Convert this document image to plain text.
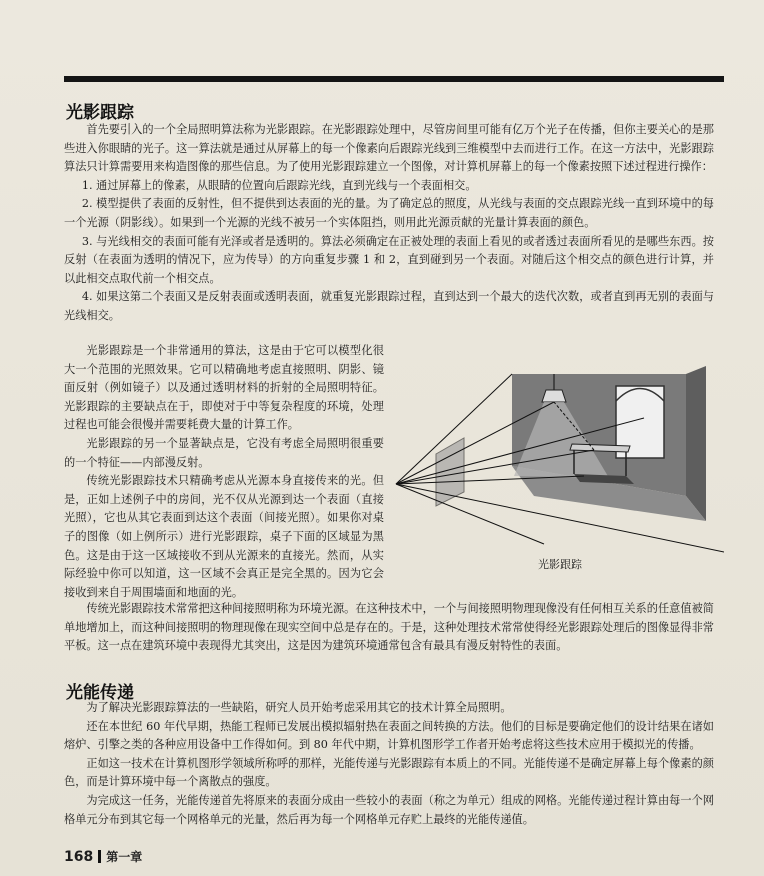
光影跟踪

首先要引入的一个全局照明算法称为光影跟踪。在光影跟踪处理中，尽管房间里可能有亿万个光子在传播，但你主要关心的是那些进入你眼睛的光子。这一算法就是通过从屏幕上的每一个像素向后跟踪光线到三维模型中去而进行工作。在这一方法中，光影跟踪算法只计算需要用来构造图像的那些信息。为了使用光影跟踪建立一个图像，对计算机屏幕上的每一个像素按照下述过程进行操作：

1. 通过屏幕上的像素，从眼睛的位置向后跟踪光线，直到光线与一个表面相交。

2. 模型提供了表面的反射性，但不提供到达表面的光的量。为了确定总的照度，从光线与表面的交点跟踪光线一直到环境中的每一个光源（阴影线）。如果到一个光源的光线不被另一个实体阻挡，则用此光源贡献的光量计算表面的颜色。

3. 与光线相交的表面可能有光泽或者是透明的。算法必须确定在正被处理的表面上看见的或者透过表面所看见的是哪些东西。按反射（在表面为透明的情况下，应为传导）的方向重复步骤 1 和 2，直到碰到另一个表面。对随后这个相交点的颜色进行计算，并以此相交点取代前一个相交点。

4. 如果这第二个表面又是反射表面或透明表面，就重复光影跟踪过程，直到达到一个最大的迭代次数，或者直到再无别的表面与光线相交。

光影跟踪是一个非常通用的算法，这是由于它可以模型化很大一个范围的光照效果。它可以精确地考虑直接照明、阴影、镜面反射（例如镜子）以及通过透明材料的折射的全局照明特征。光影跟踪的主要缺点在于，即使对于中等复杂程度的环境，处理过程也可能会很慢并需要耗费大量的计算工作。

光影跟踪的另一个显著缺点是，它没有考虑全局照明很重要的一个特征——内部漫反射。

传统光影跟踪技术只精确考虑从光源本身直接传来的光。但是，正如上述例子中的房间，光不仅从光源到达一个表面（直接光照），它也从其它表面到达这个表面（间接光照）。如果你对桌子的图像（如上例所示）进行光影跟踪，桌子下面的区域显为黑色。这是由于这一区域接收不到从光源来的直接光。然而，从实际经验中你可以知道，这一区域不会真正是完全黑的。因为它会接收到来自于周围墙面和地面的光。

光影跟踪

传统光影跟踪技术常常把这种间接照明称为环境光源。在这种技术中，一个与间接照明物理现像没有任何相互关系的任意值被简单地增加上，而这种间接照明的物理现像在现实空间中总是存在的。于是，这种处理技术常常使得经光影跟踪处理后的图像显得非常平板。这一点在建筑环境中表现得尤其突出，这是因为建筑环境通常包含有最具有漫反射特性的表面。

光能传递

为了解决光影跟踪算法的一些缺陷，研究人员开始考虑采用其它的技术计算全局照明。

还在本世纪 60 年代早期，热能工程师已发展出模拟辐射热在表面之间转换的方法。他们的目标是要确定他们的设计结果在诸如熔炉、引擎之类的各种应用设备中工作得如何。到 80 年代中期，计算机图形学工作者开始考虑将这些技术应用于模拟光的传播。

正如这一技术在计算机图形学领域所称呼的那样，光能传递与光影跟踪有本质上的不同。光能传递不是确定屏幕上每个像素的颜色，而是计算环境中每一个离散点的强度。

为完成这一任务，光能传递首先将原来的表面分成由一些较小的表面（称之为单元）组成的网格。光能传递过程计算由每一个网格单元分布到其它每一个网格单元的光量，然后再为每一个网格单元存贮上最终的光能传递值。

168 第一章
